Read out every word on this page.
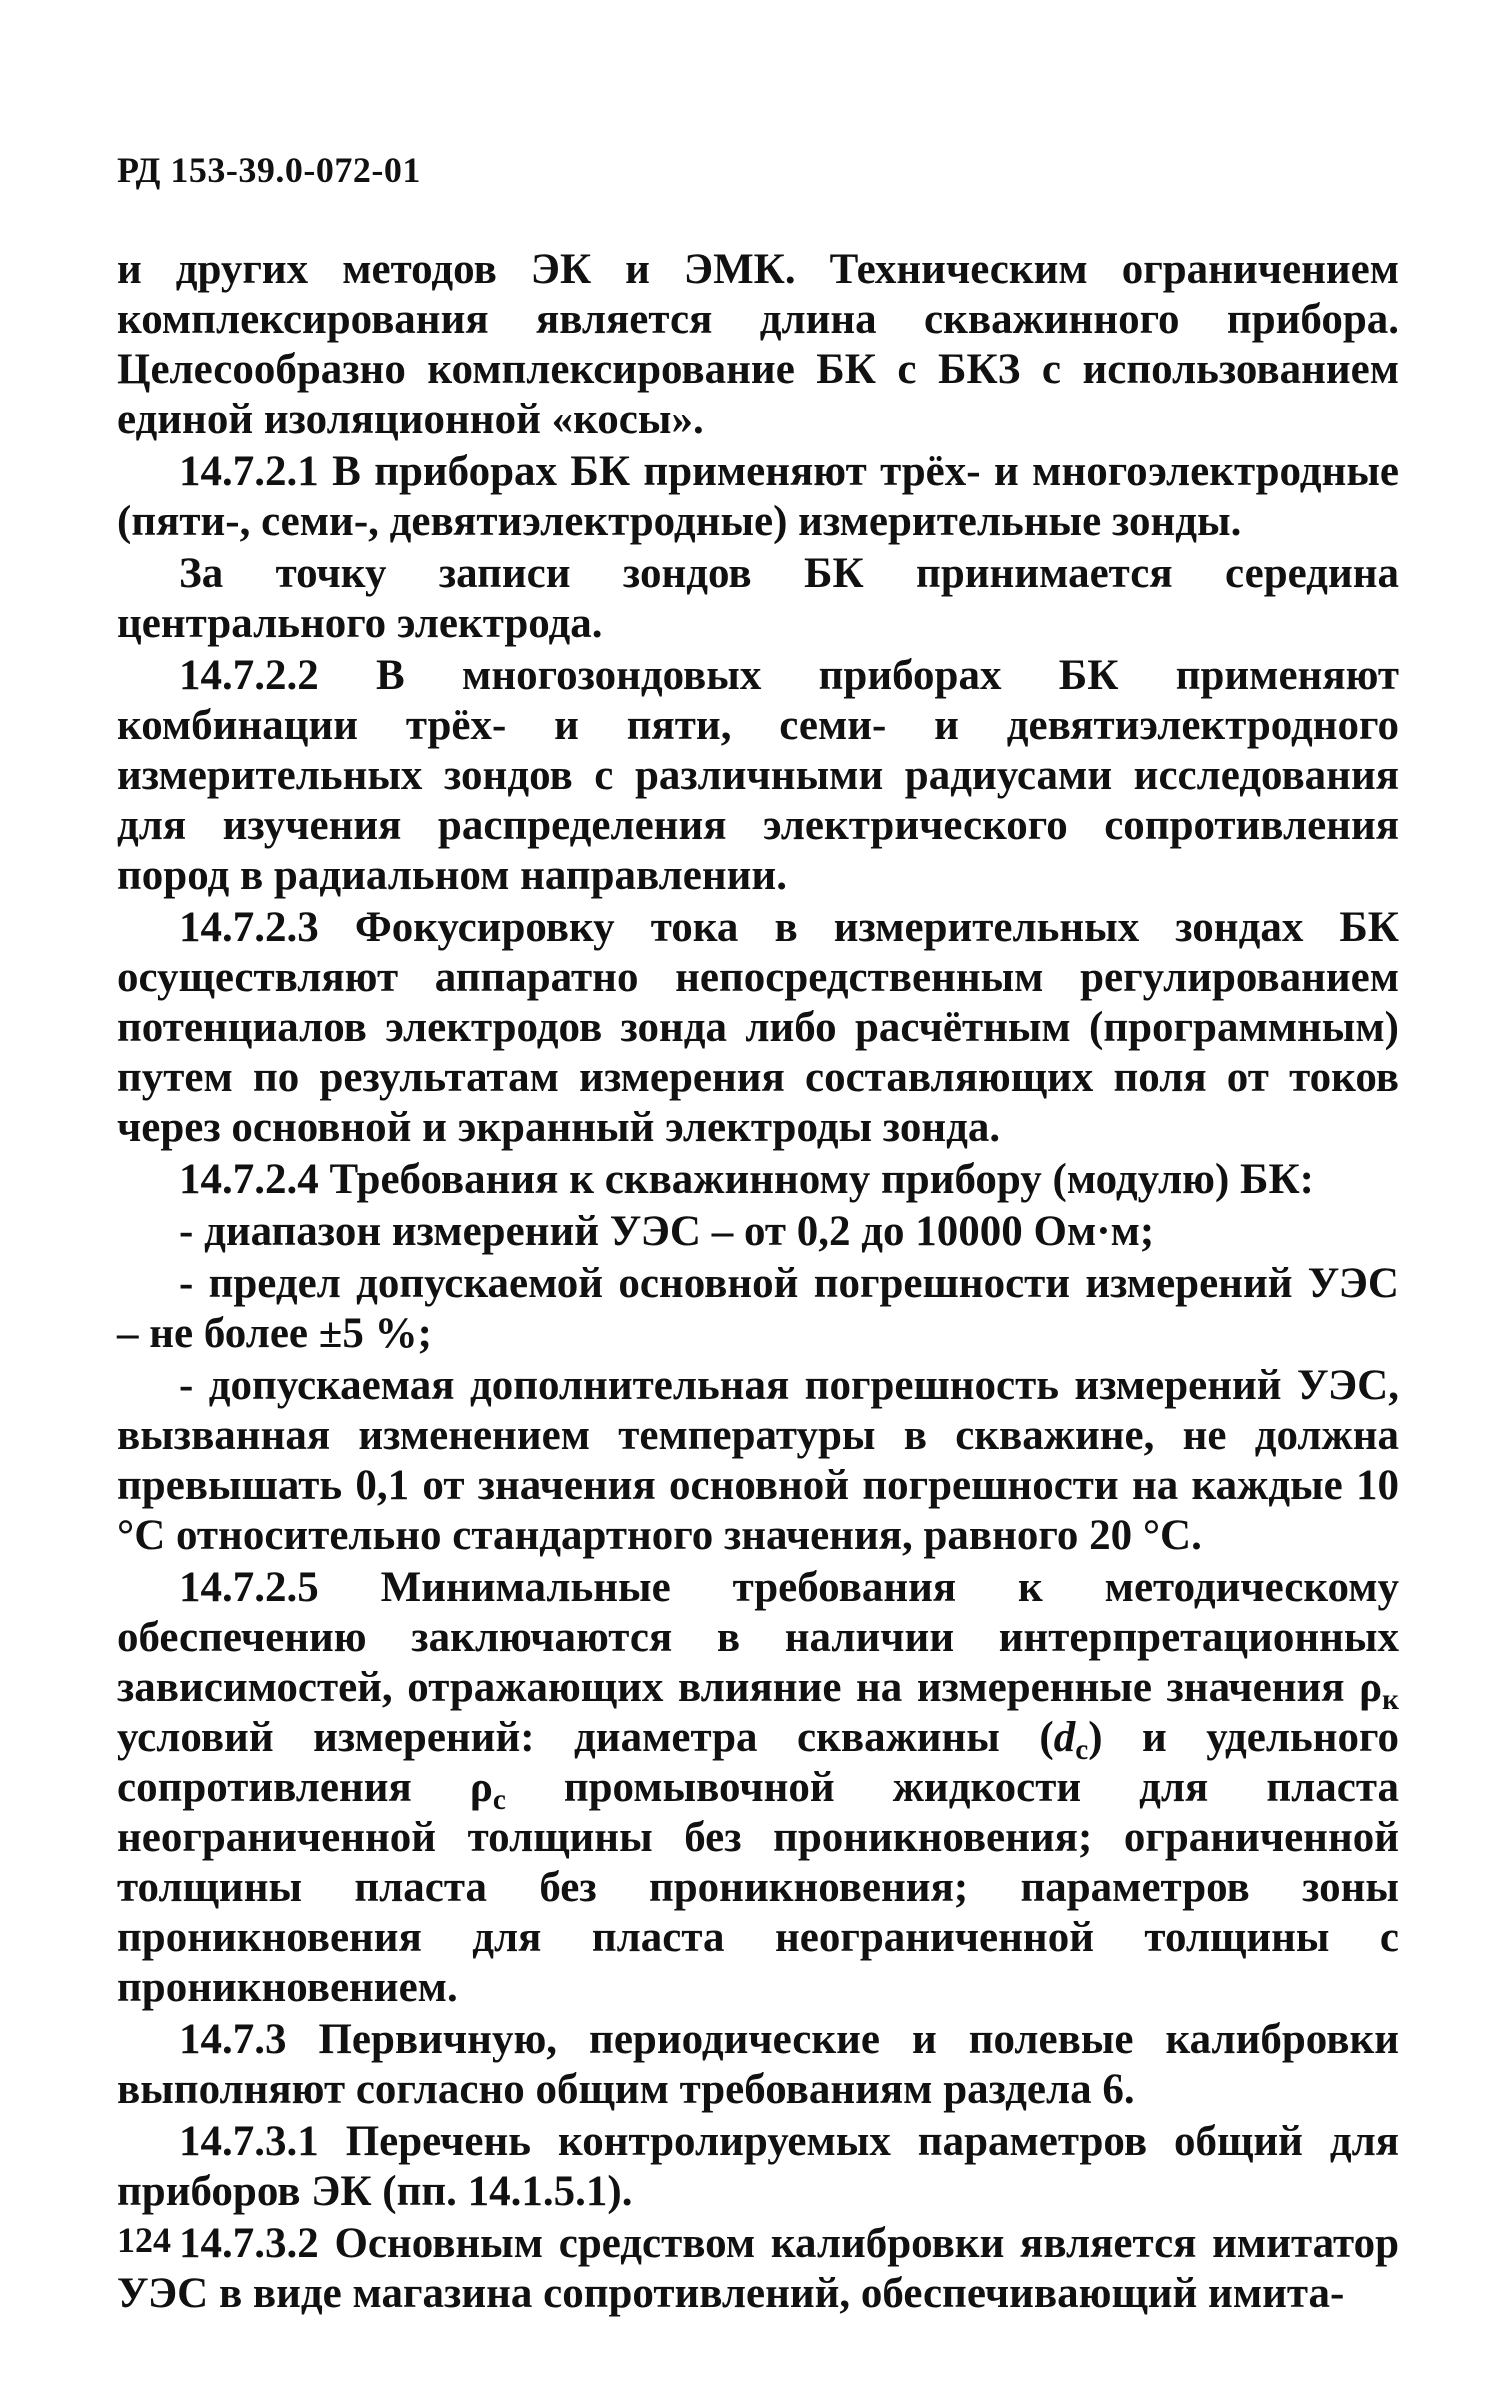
РД 153-39.0-072-01

и других методов ЭК и ЭМК. Техническим ограничением комплексирования является длина скважинного прибора. Целесообразно комплексирование БК с БКЗ с использованием единой изоляционной «косы».

14.7.2.1 В приборах БК применяют трёх- и многоэлектродные (пяти-, семи-, девятиэлектродные) измерительные зонды.

За точку записи зондов БК принимается середина центрального электрода.

14.7.2.2 В многозондовых приборах БК применяют комбинации трёх- и пяти, семи- и девятиэлектродного измерительных зондов с различными радиусами исследования для изучения распределения электрического сопротивления пород в радиальном направлении.

14.7.2.3 Фокусировку тока в измерительных зондах БК осуществляют аппаратно непосредственным регулированием потенциалов электродов зонда либо расчётным (программным) путем по результатам измерения составляющих поля от токов через основной и экранный электроды зонда.

14.7.2.4 Требования к скважинному прибору (модулю) БК:

- диапазон измерений УЭС – от 0,2 до 10000 Ом·м;

- предел допускаемой основной погрешности измерений УЭС – не более ±5 %;

- допускаемая дополнительная погрешность измерений УЭС, вызванная изменением температуры в скважине, не должна превышать 0,1 от значения основной погрешности на каждые 10 °С относительно стандартного значения, равного 20 °С.

14.7.2.5 Минимальные требования к методическому обеспечению заключаются в наличии интерпретационных зависимостей, отражающих влияние на измеренные значения $\rho_к$ условий измерений: диаметра скважины $(d_с)$ и удельного сопротивления $\rho_с$ промывочной жидкости для пласта неограниченной толщины без проникновения; ограниченной толщины пласта без проникновения; параметров зоны проникновения для пласта неограниченной толщины с проникновением.

14.7.3 Первичную, периодические и полевые калибровки выполняют согласно общим требованиям раздела 6.

14.7.3.1 Перечень контролируемых параметров общий для приборов ЭК (пп. 14.1.5.1).

14.7.3.2 Основным средством калибровки является имитатор УЭС в виде магазина сопротивлений, обеспечивающий имита-

124
